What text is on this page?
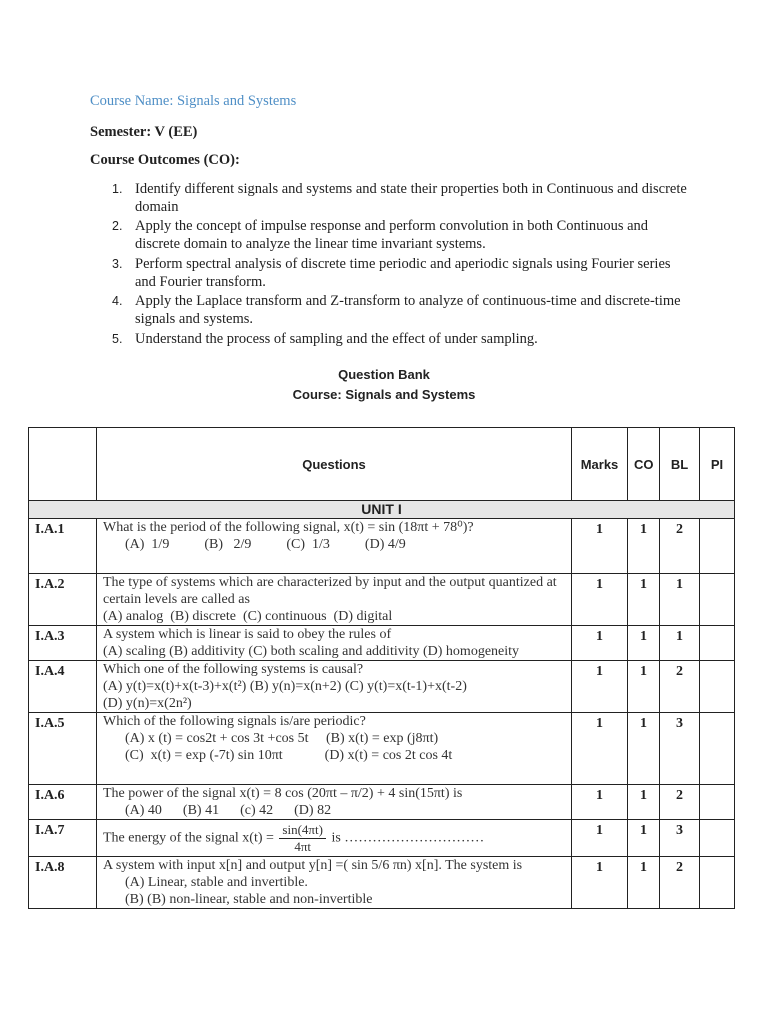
Course Name: Signals and Systems

Semester: V (EE)
Course Outcomes (CO):
1. Identify different signals and systems and state their properties both in Continuous and discrete domain
2. Apply the concept of impulse response and perform convolution in both Continuous and discrete domain to analyze the linear time invariant systems.
3. Perform spectral analysis of discrete time periodic and aperiodic signals using Fourier series and Fourier transform.
4. Apply the Laplace transform and Z-transform to analyze of continuous-time and discrete-time signals and systems.
5. Understand the process of sampling and the effect of under sampling.
Question Bank
Course: Signals and Systems
	Questions	Marks	CO	BL	PI
UNIT I					
I.A.1	What is the period of the following signal, x(t) = sin (18πt + 78⁰)?
(A)  1/9          (B)   2/9          (C)  1/3          (D) 4/9	1	1	2	
I.A.2	The type of systems which are characterized by input and the output quantized at certain levels are called as
(A) analog  (B) discrete  (C) continuous  (D) digital	1	1	1	
I.A.3	A system which is linear is said to obey the rules of
(A) scaling (B) additivity (C) both scaling and additivity (D) homogeneity	1	1	1	
I.A.4	Which one of the following systems is causal?
(A) y(t)=x(t)+x(t-3)+x(t²) (B) y(n)=x(n+2) (C) y(t)=x(t-1)+x(t-2)
(D) y(n)=x(2n²)	1	1	2	
I.A.5	Which of the following signals is/are periodic?
(A) x (t) = cos2t + cos 3t +cos 5t     (B) x(t) = exp (j8πt)
(C)  x(t) = exp (-7t) sin 10πt            (D) x(t) = cos 2t cos 4t	1	1	3	
I.A.6	The power of the signal x(t) = 8 cos (20πt – π/2) + 4 sin(15πt) is
(A) 40      (B) 41      (c) 42      (D) 82	1	1	2	
I.A.7	The energy of the signal $x(t) = \frac{\sin(4\pi t)}{4\pi t}$ is …………………………	1	1	3	
I.A.8	A system with input x[n] and output y[n] =( sin 5/6 πn) x[n]. The system is
(A) Linear, stable and invertible.
(B) (B) non-linear, stable and non-invertible	1	1	2	
